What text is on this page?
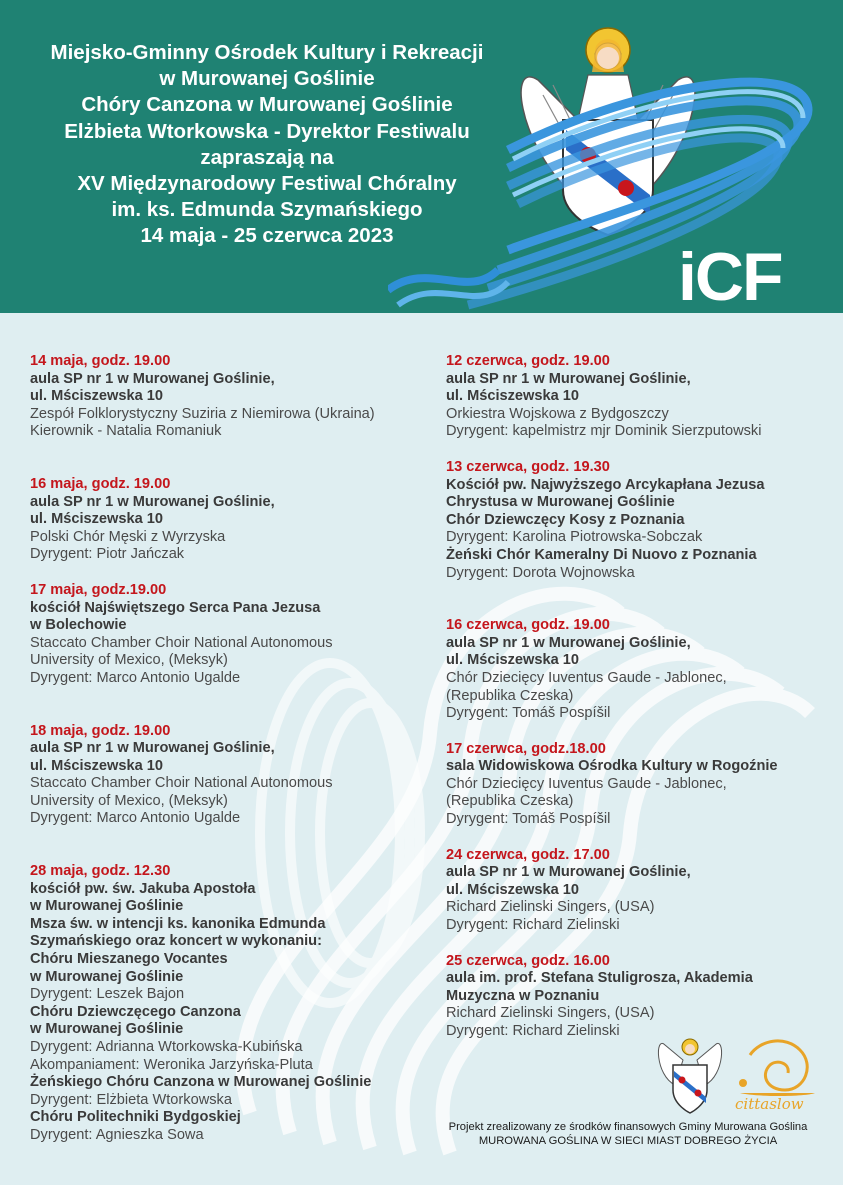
Miejsko-Gminny Ośrodek Kultury i Rekreacji
w Murowanej Goślinie
Chóry Canzona w Murowanej Goślinie
Elżbieta Wtorkowska - Dyrektor Festiwalu
zapraszają na
XV Międzynarodowy Festiwal Chóralny
im. ks. Edmunda Szymańskiego
14 maja - 25 czerwca 2023
iCF
14 maja, godz. 19.00
aula SP nr 1 w Murowanej Goślinie,
ul. Mściszewska 10
Zespół Folklorystyczny Suziria z Niemirowa (Ukraina)
Kierownik - Natalia Romaniuk
16 maja, godz. 19.00
aula SP nr 1 w Murowanej Goślinie,
ul. Mściszewska 10
Polski Chór Męski z Wyrzyska
Dyrygent: Piotr Jańczak
17 maja, godz.19.00
kościół Najświętszego Serca Pana Jezusa
w Bolechowie
Staccato Chamber Choir National Autonomous
University of Mexico, (Meksyk)
Dyrygent: Marco Antonio Ugalde
18 maja, godz. 19.00
aula SP nr 1 w Murowanej Goślinie,
ul. Mściszewska 10
Staccato Chamber Choir National Autonomous
University of Mexico, (Meksyk)
Dyrygent: Marco Antonio Ugalde
28 maja, godz. 12.30
kościół pw. św. Jakuba Apostoła
w Murowanej Goślinie
Msza św. w intencji ks. kanonika Edmunda
Szymańskiego oraz koncert w wykonaniu:
Chóru Mieszanego Vocantes
w Murowanej Goślinie
Dyrygent: Leszek Bajon
Chóru Dziewczęcego Canzona
w Murowanej Goślinie
Dyrygent: Adrianna Wtorkowska-Kubińska
Akompaniament: Weronika Jarzyńska-Pluta
Żeńskiego Chóru Canzona w Murowanej Goślinie
Dyrygent: Elżbieta Wtorkowska
Chóru Politechniki Bydgoskiej
Dyrygent: Agnieszka Sowa
12 czerwca, godz. 19.00
aula SP nr 1 w Murowanej Goślinie,
ul. Mściszewska 10
Orkiestra Wojskowa z Bydgoszczy
Dyrygent: kapelmistrz mjr Dominik Sierzputowski
13 czerwca, godz. 19.30
Kościół pw. Najwyższego Arcykapłana Jezusa
Chrystusa w Murowanej Goślinie
Chór Dziewczęcy Kosy z Poznania
Dyrygent: Karolina Piotrowska-Sobczak
Żeński Chór Kameralny Di Nuovo z Poznania
Dyrygent: Dorota Wojnowska
16 czerwca, godz. 19.00
aula SP nr 1 w Murowanej Goślinie,
ul. Mściszewska 10
Chór Dziecięcy Iuventus Gaude - Jablonec,
(Republika Czeska)
Dyrygent: Tomáš Pospíšil
17 czerwca, godz.18.00
sala Widowiskowa Ośrodka Kultury w Rogoźnie
Chór Dziecięcy Iuventus Gaude - Jablonec,
(Republika Czeska)
Dyrygent: Tomáš Pospíšil
24 czerwca, godz. 17.00
aula SP nr 1 w Murowanej Goślinie,
ul. Mściszewska 10
Richard Zielinski Singers, (USA)
Dyrygent: Richard Zielinski
25 czerwca, godz. 16.00
aula im. prof. Stefana Stuligrosza, Akademia
Muzyczna w Poznaniu
Richard Zielinski Singers, (USA)
Dyrygent: Richard Zielinski
cittaslow
Projekt zrealizowany ze środków finansowych Gminy Murowana Goślina
MUROWANA GOŚLINA W SIECI MIAST DOBREGO ŻYCIA
